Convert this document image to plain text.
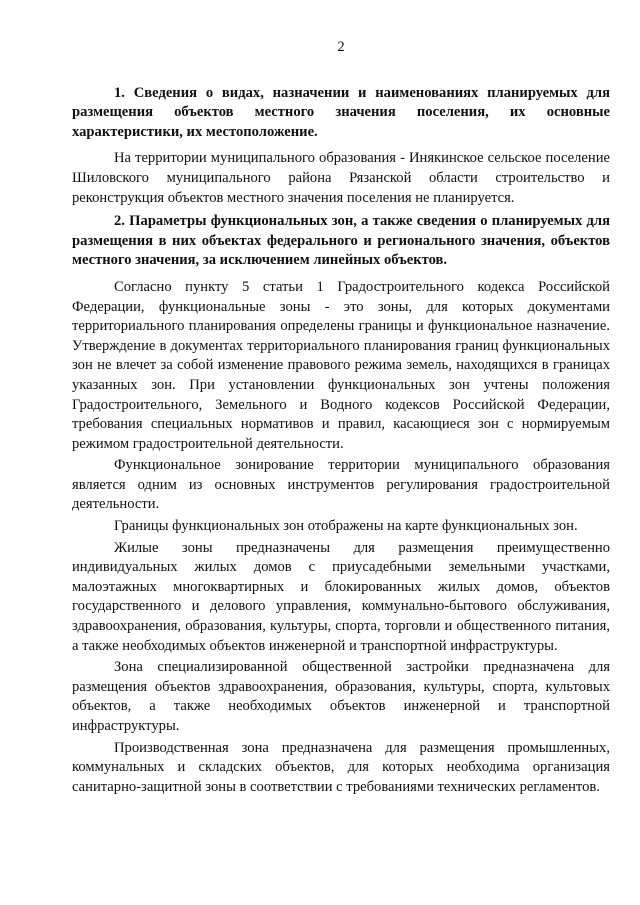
2
1. Сведения о видах, назначении и наименованиях планируемых для размещения объектов местного значения поселения, их основные характеристики, их местоположение.
На территории муниципального образования - Инякинское сельское поселение Шиловского муниципального района Рязанской области строительство и реконструкция объектов местного значения поселения не планируется.
2. Параметры функциональных зон, а также сведения о планируемых для размещения в них объектах федерального и регионального значения, объектов местного значения, за исключением линейных объектов.
Согласно пункту 5 статьи 1 Градостроительного кодекса Российской Федерации, функциональные зоны - это зоны, для которых документами территориального планирования определены границы и функциональное назначение. Утверждение в документах территориального планирования границ функциональных зон не влечет за собой изменение правового режима земель, находящихся в границах указанных зон. При установлении функциональных зон учтены положения Градостроительного, Земельного и Водного кодексов Российской Федерации, требования специальных нормативов и правил, касающиеся зон с нормируемым режимом градостроительной деятельности.
Функциональное зонирование территории муниципального образования является одним из основных инструментов регулирования градостроительной деятельности.
Границы функциональных зон отображены на карте функциональных зон.
Жилые зоны предназначены для размещения преимущественно индивидуальных жилых домов с приусадебными земельными участками, малоэтажных многоквартирных и блокированных жилых домов, объектов государственного и делового управления, коммунально-бытового обслуживания, здравоохранения, образования, культуры, спорта, торговли и общественного питания, а также необходимых объектов инженерной и транспортной инфраструктуры.
Зона специализированной общественной застройки предназначена для размещения объектов здравоохранения, образования, культуры, спорта, культовых объектов, а также необходимых объектов инженерной и транспортной инфраструктуры.
Производственная зона предназначена для размещения промышленных, коммунальных и складских объектов, для которых необходима организация санитарно-защитной зоны в соответствии с требованиями технических регламентов.
